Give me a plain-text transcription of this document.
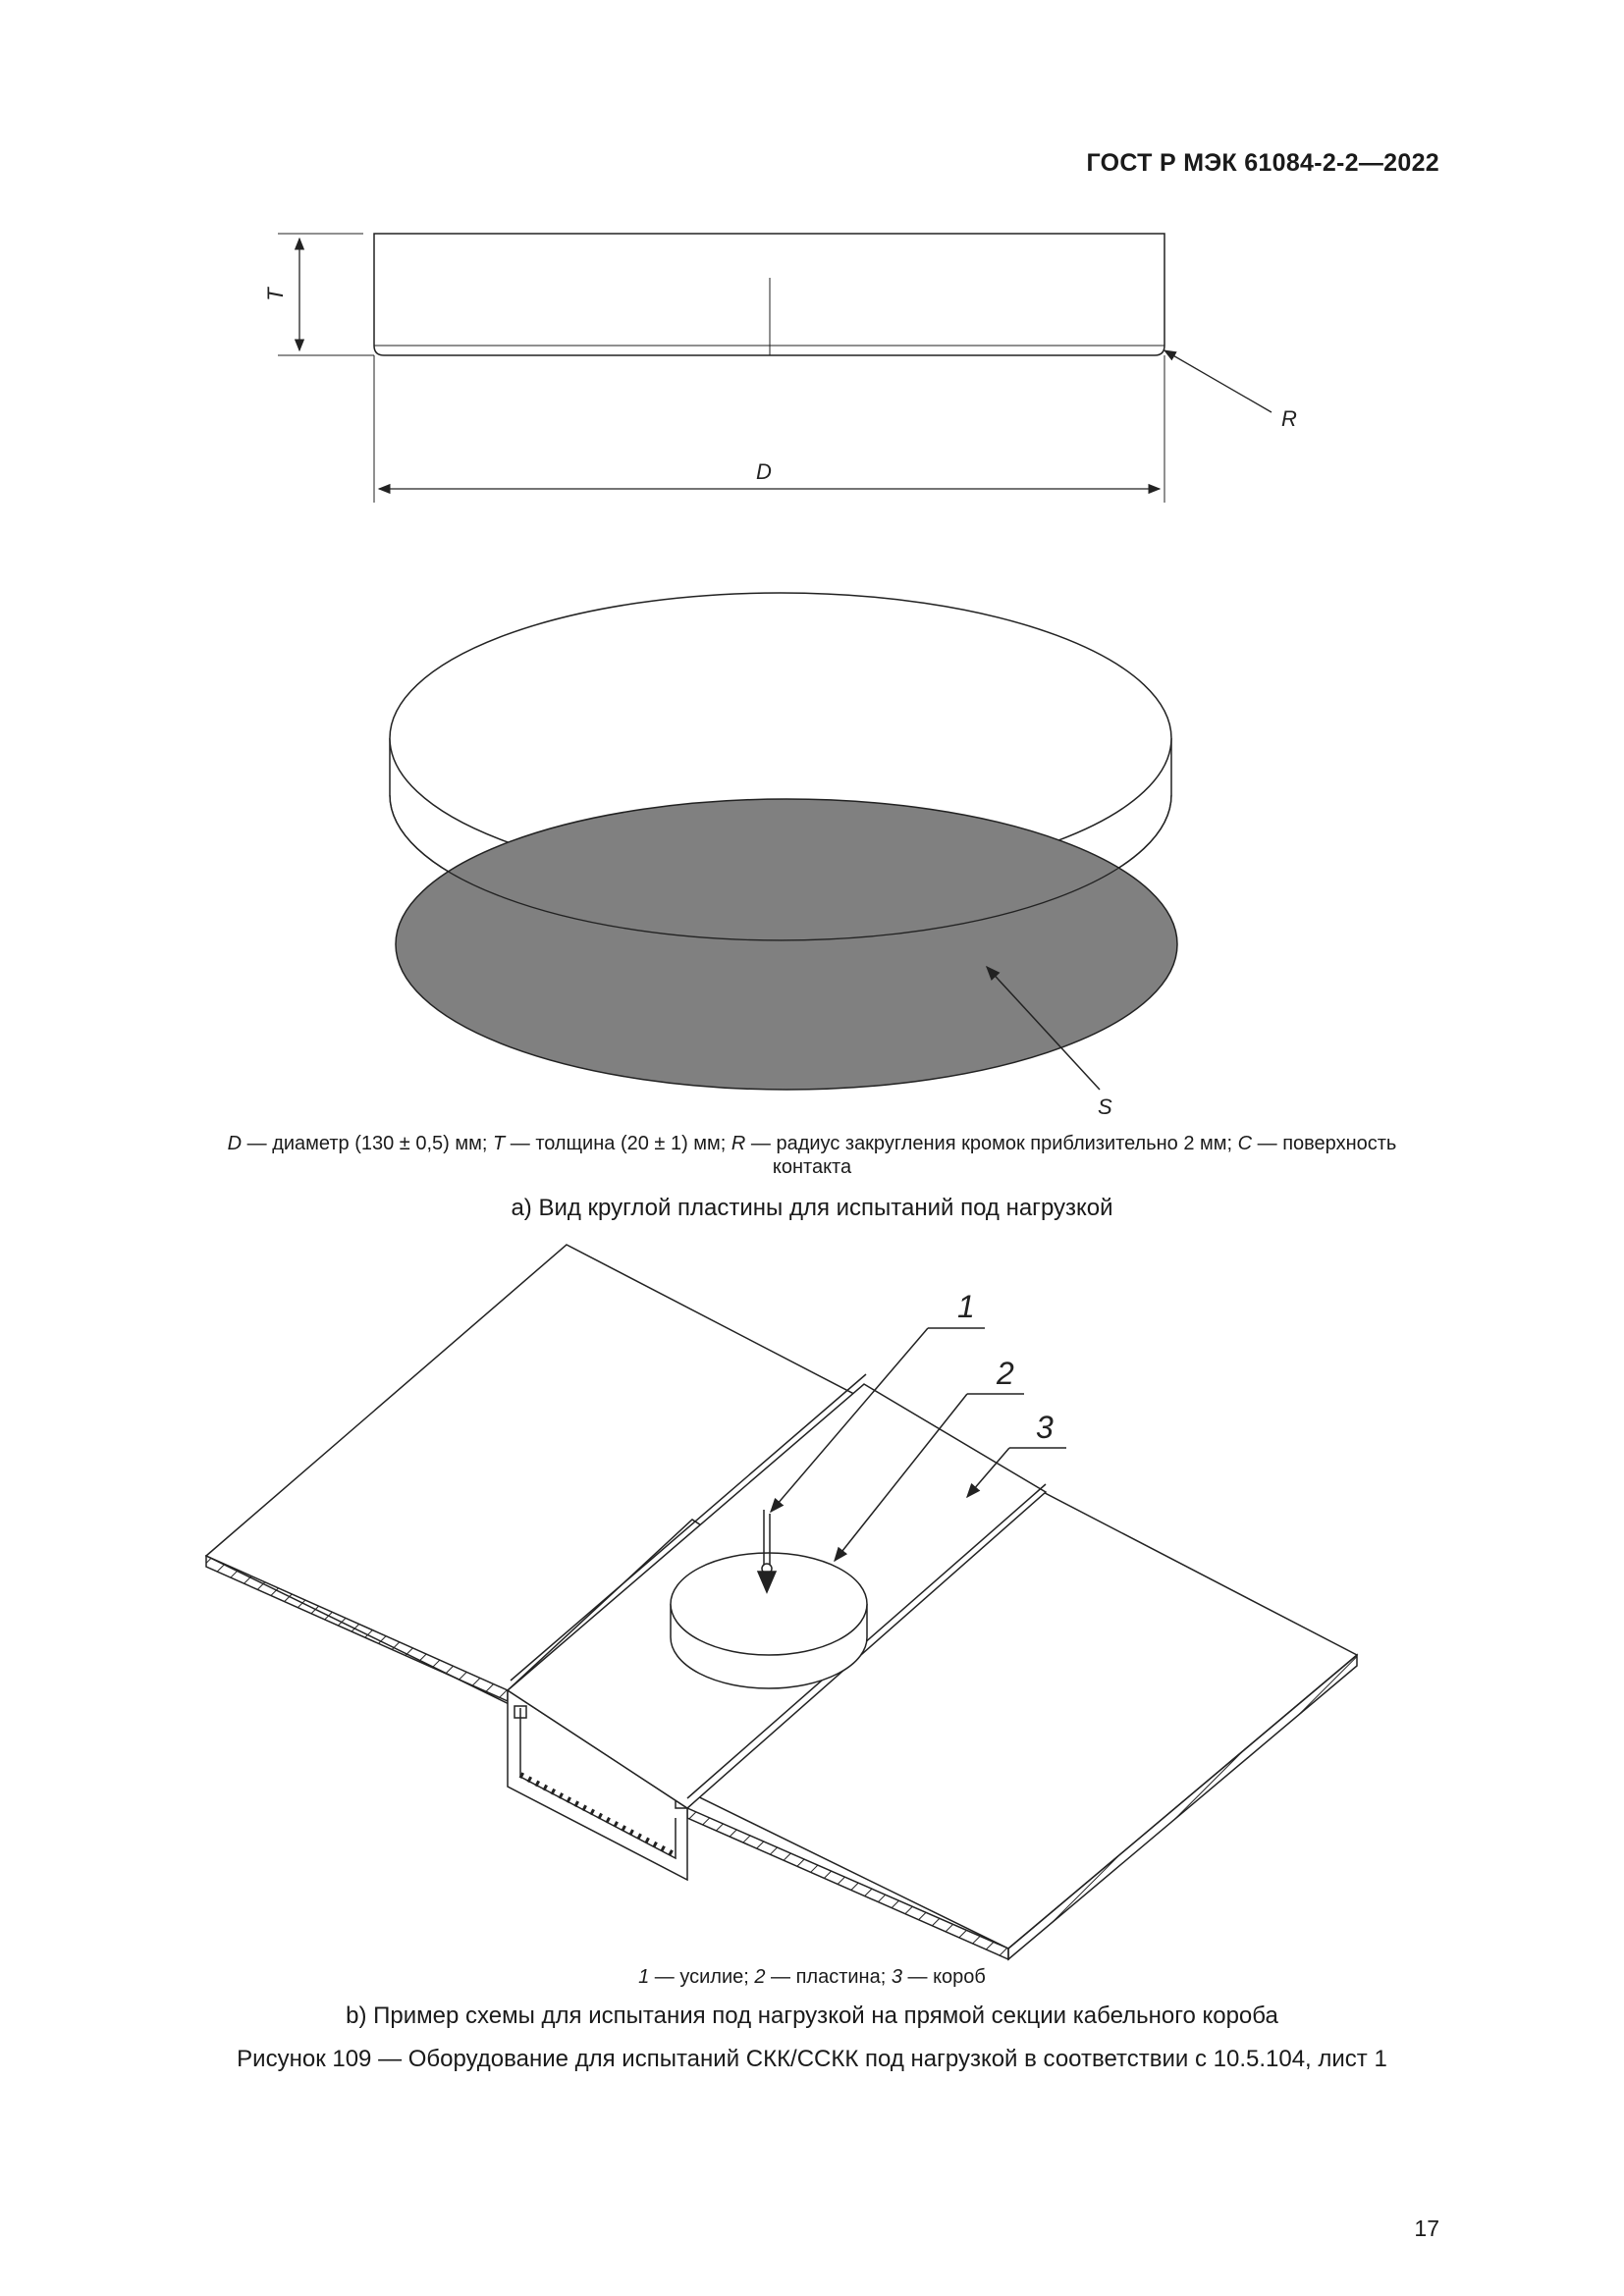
ГОСТ Р МЭК 61084-2-2—2022
T
R
D
S
D — диаметр (130 ± 0,5) мм; T — толщина (20 ± 1) мм; R — радиус закругления кромок приблизительно 2 мм; C — поверхность
контакта
а) Вид круглой пластины для испытаний под нагрузкой
1
2
3
1 — усилие; 2 — пластина; 3 — короб
b) Пример схемы для испытания под нагрузкой на прямой секции кабельного короба
Рисунок 109 — Оборудование для испытаний СКК/ССКК под нагрузкой в соответствии с 10.5.104, лист 1
17
